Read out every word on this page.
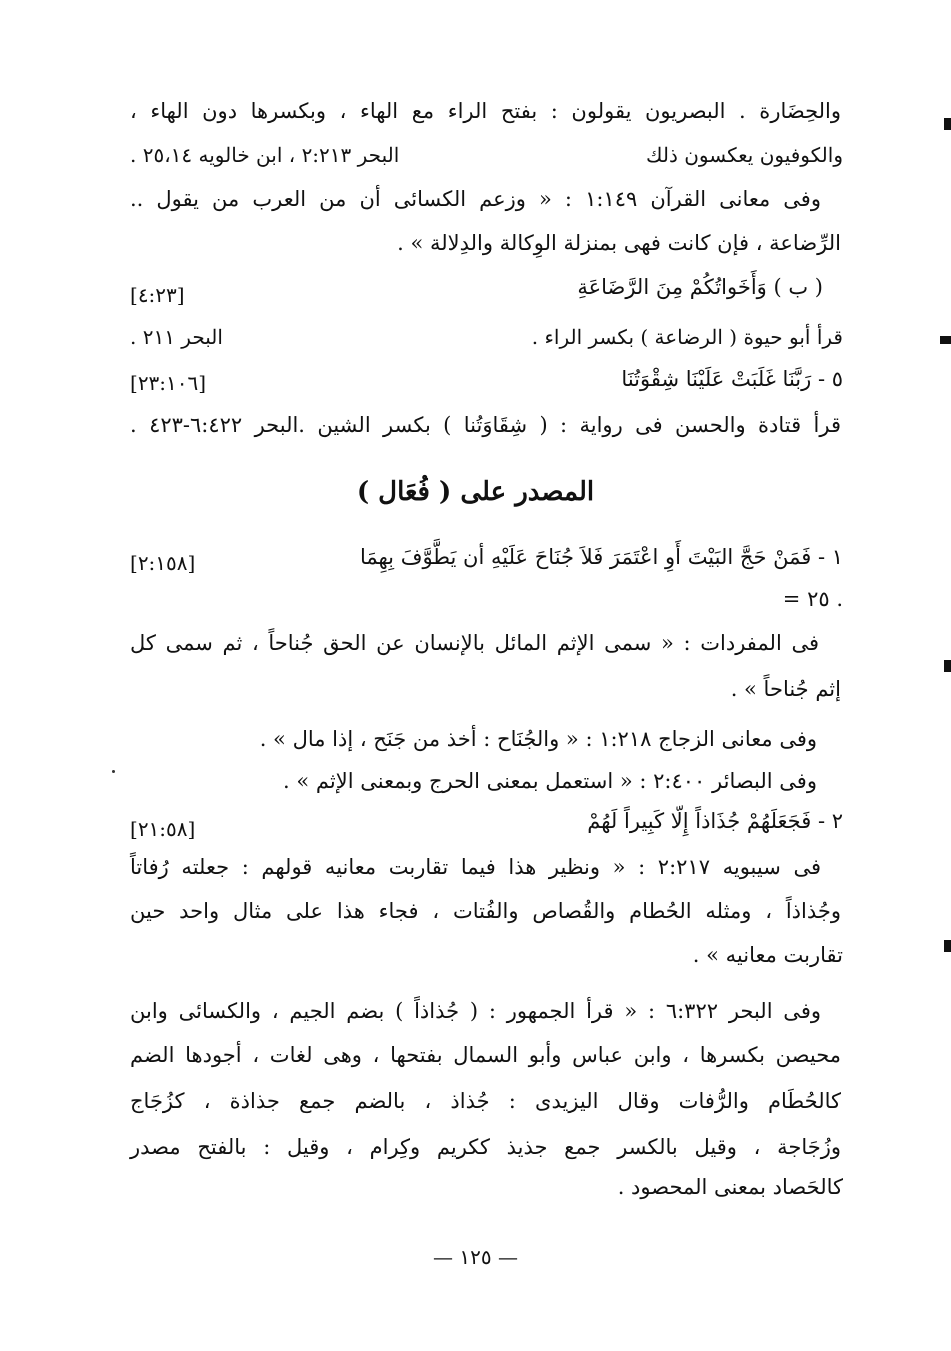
والحِضَارة . البصريون يقولون : بفتح الراء مع الهاء ، وبكسرها دون الهاء ،
والكوفيون يعكسون ذلك
البحر ٢:٢١٣ ، ابن خالويه ٢٥،١٤ .
وفى معانى القرآن ١:١٤٩ : « وزعم الكسائى أن من العرب من يقول ..
الرِّضاعة ، فإن كانت فهى بمنزلة الوِكالة والدِلالة » .
( ب ) وَأَخَواتُكُمْ مِنَ الرَّضَاعَةِ
[٤:٢٣]
قرأ أبو حيوة ( الرضاعة ) بكسر الراء .
البحر ٢١١ .
٥ - رَبَّنَا غَلَبَتْ عَلَيْنَا شِقْوَتُنَا
[٢٣:١٠٦]
قرأ قتادة والحسن فى رواية : ( شِقَاوَتُنا ) بكسر الشين .البحر ٦:٤٢٢-٤٢٣ .
المصدر على ( فُعَال )
١ - فَمَنْ حَجَّ البَيْتَ أَوِ اعْتَمَرَ فَلاَ جُنَاحَ عَلَيْهِ أن يَطَّوَّفَ بِهِمَا
[٢:١٥٨]
= ٢٥ .
فى المفردات : « سمى الإثم المائل بالإنسان عن الحق جُناحاً ، ثم سمى كل
إثم جُناحاً » .
وفى معانى الزجاج ١:٢١٨ : « والجُنَاح : أخذ من جَنَح ، إذا مال » .
وفى البصائر ٢:٤٠٠ : « استعمل بمعنى الحرج وبمعنى الإثم » .
٢ - فَجَعَلَهُمْ جُذَاذاً إِلّا كَبِيراً لَهُمْ
[٢١:٥٨]
فى سيبويه ٢:٢١٧ : « ونظير هذا فيما تقاربت معانيه قولهم : جعلته رُفاتاً
وجُذاذاً ، ومثله الحُطام والقُصاص والفُتات ، فجاء هذا على مثال واحد حين
تقاربت معانيه » .
وفى البحر ٦:٣٢٢ : « قرأ الجمهور : ( جُذاذاً ) بضم الجيم ، والكسائى وابن
محيصن بكسرها ، وابن عباس وأبو السمال بفتحها ، وهى لغات ، أجودها الضم
كالحُطَام والرُّفات وقال اليزيدى : جُذاذ ، بالضم جمع جذاذة ، كزُجَاج
وزُجَاجة ، وقيل بالكسر جمع جذيذ ككريم وكِرام ، وقيل : بالفتح مصدر
كالحَصاد بمعنى المحصود .
— ١٢٥ —
